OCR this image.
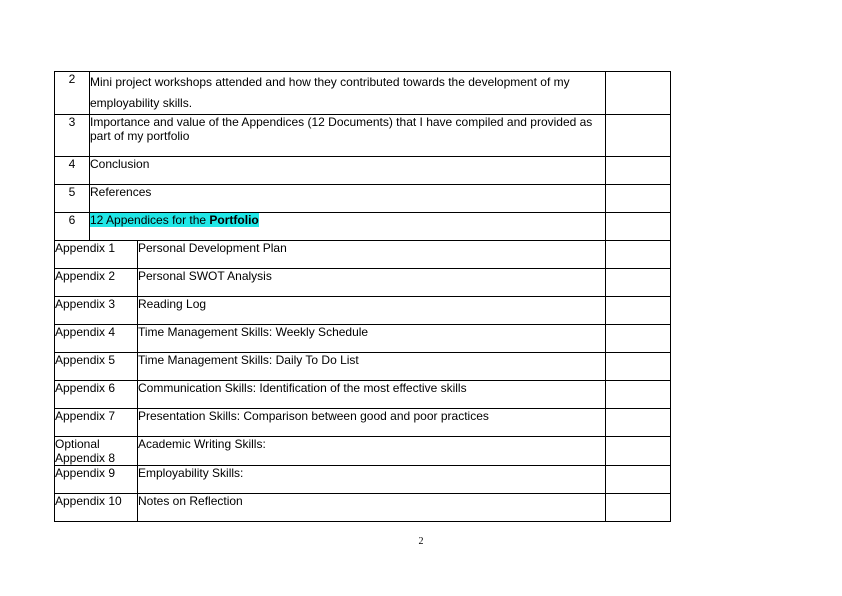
2	Mini project workshops attended and how they contributed towards the development of my employability skills.		
3	Importance and value of the Appendices (12 Documents) that I have compiled and provided as part of my portfolio		
4	Conclusion		
5	References		
6	12 Appendices for the Portfolio		
Appendix 1		Personal Development Plan	
Appendix 2		Personal SWOT Analysis	
Appendix 3		Reading Log	
Appendix 4		Time Management Skills: Weekly Schedule	
Appendix 5		Time Management Skills: Daily To Do List	
Appendix 6		Communication Skills: Identification of the most effective skills	
Appendix 7		Presentation Skills: Comparison between good and poor practices	
Optional Appendix 8		Academic Writing Skills:	
Appendix 9		Employability Skills:	
Appendix 10		Notes on Reflection	
2
